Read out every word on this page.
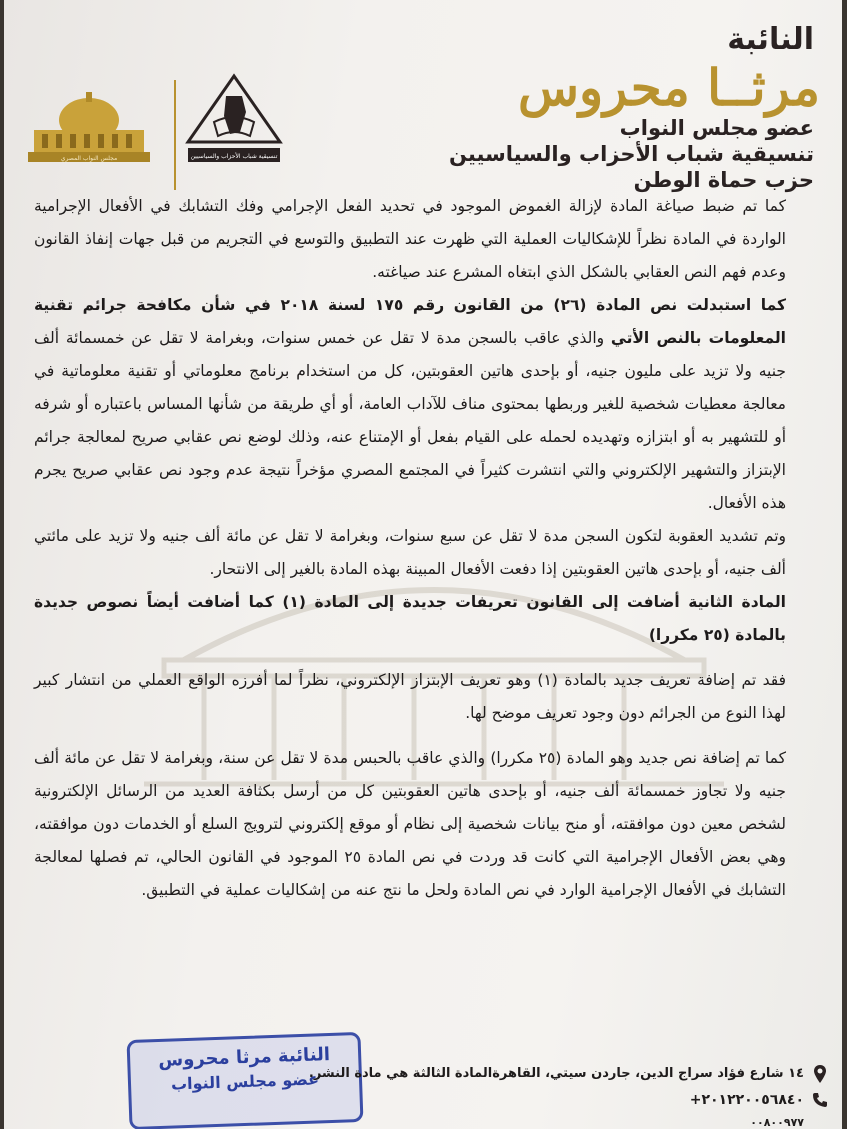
مجلس النواب المصري	تنسيقية شباب الأحزاب والسياسيين
النائبة
مرثــا محروس
عضو مجلس النواب
تنسيقية شباب الأحزاب والسياسيين
حزب حماة الوطن

كما تم ضبط صياغة المادة لإزالة الغموض الموجود في تحديد الفعل الإجرامي وفك التشابك في الأفعال الإجرامية الواردة في المادة نظراً للإشكاليات العملية التي ظهرت عند التطبيق والتوسع في التجريم من قبل جهات إنفاذ القانون وعدم فهم النص العقابي بالشكل الذي ابتغاه المشرع عند صياغته.

كما استبدلت نص المادة (٢٦) من القانون رقم ١٧٥ لسنة ٢٠١٨ في شأن مكافحة جرائم تقنية المعلومات بالنص الأتي والذي عاقب بالسجن مدة لا تقل عن خمس سنوات، وبغرامة لا تقل عن خمسمائة ألف جنيه ولا تزيد على مليون جنيه، أو بإحدى هاتين العقوبتين، كل من استخدام برنامج معلوماتي أو تقنية معلوماتية في معالجة معطيات شخصية للغير وربطها بمحتوى مناف للآداب العامة، أو أي طريقة من شأنها المساس باعتباره أو شرفه أو للتشهير به أو ابتزازه وتهديده لحمله على القيام بفعل أو الإمتناع عنه، وذلك لوضع نص عقابي صريح لمعالجة جرائم الإبتزاز والتشهير الإلكتروني والتي انتشرت كثيراً في المجتمع المصري مؤخراً نتيجة عدم وجود نص عقابي صريح يجرم هذه الأفعال.

وتم تشديد العقوبة لتكون السجن مدة لا تقل عن سبع سنوات، وبغرامة لا تقل عن مائة ألف جنيه ولا تزيد على مائتي ألف جنيه، أو بإحدى هاتين العقوبتين إذا دفعت الأفعال المبينة بهذه المادة بالغير إلى الانتحار.

المادة الثانية أضافت إلى القانون تعريفات جديدة إلى المادة (١) كما أضافت أيضاً نصوص جديدة بالمادة (٢٥ مكررا)

فقد تم إضافة تعريف جديد بالمادة (١) وهو تعريف الإبتزاز الإلكتروني، نظراً لما أفرزه الواقع العملي من انتشار كبير لهذا النوع من الجرائم دون وجود تعريف موضح لها.

كما تم إضافة نص جديد وهو المادة (٢٥ مكررا) والذي عاقب بالحبس مدة لا تقل عن سنة، وبغرامة لا تقل عن مائة ألف جنيه ولا تجاوز خمسمائة ألف جنيه، أو بإحدى هاتين العقوبتين كل من أرسل بكثافة العديد من الرسائل الإلكترونية لشخص معين دون موافقته، أو منح بيانات شخصية إلى نظام أو موقع إلكتروني لترويج السلع أو الخدمات دون موافقته، وهي بعض الأفعال الإجرامية التي كانت قد وردت في نص المادة ٢٥ الموجود في القانون الحالي، تم فصلها لمعالجة التشابك في الأفعال الإجرامية الوارد في نص المادة ولحل ما نتج عنه من إشكاليات عملية في التطبيق.

النائبة مرثا محروس
عضو مجلس النواب
١٤ شارع فؤاد سراج الدين، جاردن سيتي، القاهرةالمادة الثالثة هي مادة النشر.
+٢٠١٢٢٠٠٥٦٨٤٠
٠٠٨٠٠٩٧٧
